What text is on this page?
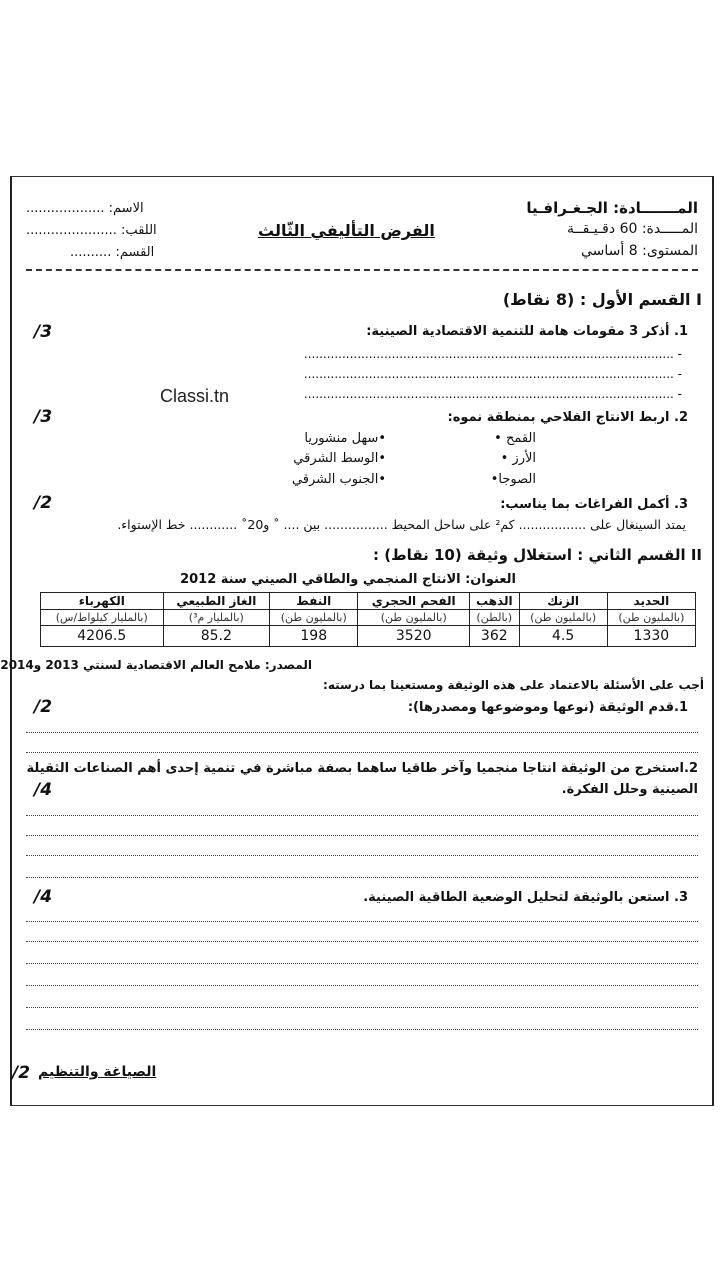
المـــــــادة: الجـغـرافـيا
المـــــدة: 60 دقـيـقــة
المستوى: 8 أساسي
الفرض التأليفي الثّالث
الاسم: ...................
اللقب: ......................
القسم: ..........
I القسم الأول : (8 نقاط)
1. أذكر 3 مقومات هامة للتنمية الاقتصادية الصينية:
/3
- .................................................................................................
- .................................................................................................
- .................................................................................................
2. اربط الانتاج الفلاحي بمنطقة نموه:
/3
القمح •
الأرز •
الصوجا•
•سهل منشوريا
•الوسط الشرقي
•الجنوب الشرقي
3. أكمل الفراغات بما يناسب:
/2
يمتد السينغال على ................. كم² على ساحل المحيط ................ بين .... ˚ و20˚ ............ خط الإستواء.
II القسم الثاني : استغلال وثيقة (10 نقاط) :
العنوان: الانتاج المنجمي والطاقي الصيني سنة 2012
الحديد	الزنك	الذهب	الفحم الحجري	النفط	الغاز الطبيعي	الكهرباء
(بالمليون طن)	(بالمليون طن)	(بالطن)	(بالمليون طن)	(بالمليون طن)	(بالمليار م³)	(بالمليار كيلواط/س)
1330	4.5	362	3520	198	85.2	4206.5
المصدر: ملامح العالم الاقتصادية لسنتي 2013 و2014
أجب على الأسئلة بالاعتماد على هذه الوثيقة ومستعينا بما درسته:
1.قدم الوثيقة (نوعها وموضوعها ومصدرها):
/2
2.استخرج من الوثيقة انتاجا منجميا وآخر طاقيا ساهما بصفة مباشرة في تنمية إحدى أهم الصناعات الثقيلة
الصينية وحلل الفكرة.
/4
3. استعن بالوثيقة لتحليل الوضعية الطاقية الصينية.
/4
الصياغة والتنظيم
/2
Classi.tn
